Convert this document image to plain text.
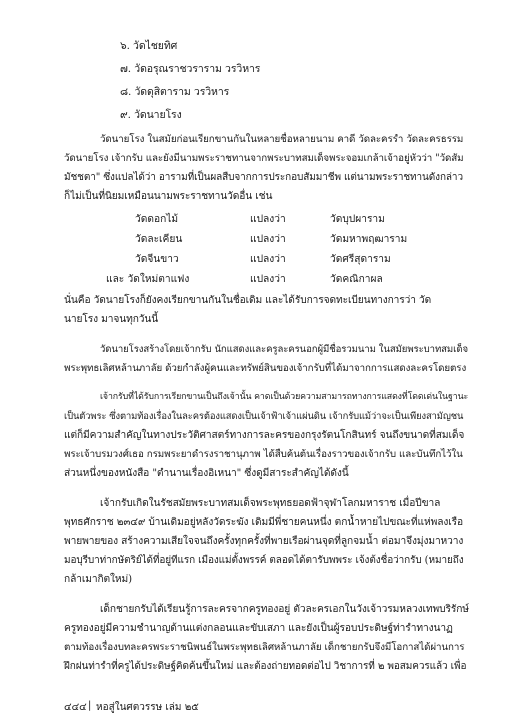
๖. วัดไชยทิศ
๗. วัดอรุณราชวราราม วรวิหาร
๘. วัดดุสิตาราม วรวิหาร
๙. วัดนายโรง
วัดนายโรง ในสมัยก่อนเรียกขานกันในหลายชื่อหลายนาม คาดี วัดละครรำ วัดละครธรรม
วัดนายโรง เจ้ากรับ และยังมีนามพระราชทานจากพระบาทสมเด็จพระจอมเกล้าเจ้าอยู่หัวว่า "วัดสัม
มัชชตา" ซึ่งแปลได้ว่า อารามที่เป็นผลสืบจากการประกอบสัมมาชีพ แต่นามพระราชทานดังกล่าว
ก็ไม่เป็นที่นิยมเหมือนนามพระราชทานวัดอื่น เช่น
วัดดอกไม้	แปลงว่า	วัดบุปผาราม
วัดละเคียน	แปลงว่า	วัดมหาพฤฒาราม
วัดจีนขาว	แปลงว่า	วัดศรีสุดาราม
และ วัดใหม่ตาแฟง	แปลงว่า	วัดคณิกาผล
นั่นคือ วัดนายโรงก็ยังคงเรียกขานกันในชื่อเดิม และได้รับการจดทะเบียนทางการว่า วัด
นายโรง มาจนทุกวันนี้
วัดนายโรงสร้างโดยเจ้ากรับ นักแสดงและครูละครนอกผู้มีชื่อรวมนาม ในสมัยพระบาทสมเด็จ
พระพุทธเลิศหล้านภาลัย ด้วยกำลังผู้คนและทรัพย์สินของเจ้ากรับที่ได้มาจากการแสดงละครโดยตรง
เจ้ากรับที่ได้รับการเรียกขานเป็นถึงเจ้านั้น คาดเป็นด้วยความสามารถทางการแสดงที่โดดเด่นในฐานะ
เป็นตัวพระ ซึ่งตามท้องเรื่องในละครต้องแสดงเป็นเจ้าฟ้าเจ้าแผ่นดิน เจ้ากรับแม้ว่าจะเป็นเพียงสามัญชน
แต่ก็มีความสำคัญในทางประวัติศาสตร์ทางการละครของกรุงรัตนโกสินทร์ จนถึงขนาดที่สมเด็จ
พระเจ้าบรมวงศ์เธอ กรมพระยาดำรงราชานุภาพ ได้สืบค้นต้นเรื่องราวของเจ้ากรับ และบันทึกไว้ใน
ส่วนหนึ่งของหนังสือ "ตำนานเรื่องอิเหนา" ซึ่งดูมีสาระสำคัญได้ดังนี้
เจ้ากรับเกิดในรัชสมัยพระบาทสมเด็จพระพุทธยอดฟ้าจุฬาโลกมหาราช เมื่อปีขาล
พุทธศักราช ๒๓๔๙ บ้านเดิมอยู่หลังวัดระฆัง เดิมมีพี่ชายคนหนึ่ง ตกน้ำหายไปขณะที่แห่พลงเรือ
พายพายของ สร้างความเสียใจจนถึงครั้งทุกครั้งที่พายเรือผ่านจุดที่ลูกจมน้ำ ต่อมาจึงมุ่งมาหวาง
มอบุรีบาท่ากษัตริย์ได้ที่อยู่ทีแรก เมืองแม่ตั้งพรรค์ ตลอดได้ตารับพพระ เจ้งต้งชื่อว่ากรับ (หมายถึง
กล้าเมากิตใหม่)
เด็กชายกรับได้เรียนรู้การละครจากครูทองอยู่ ตัวละครเอกในวังเจ้าวรมหลวงเทพบริรักษ์
ครูทองอยู่มีความชำนาญด้านแต่งกลอนและขับเสภา และยังเป็นผู้รอบประดิษฐ์ท่ารำทางนาฏ
ตามท้องเรื่องบทละครพระราชนิพนธ์ในพระพุทธเลิศหล้านภาลัย เด็กชายกรับจึงมีโอกาสได้ผ่านการ
ฝึกฝนท่ารำที่ครูได้ประดิษฐ์คิดค้นขึ้นใหม่ และต้องถ่ายทอดต่อไป วิชาการที่ ๒ พอสมควรแล้ว เพื่อ
๔๔๔ | หอสู่ในศตวรรษ เล่ม ๒๕
